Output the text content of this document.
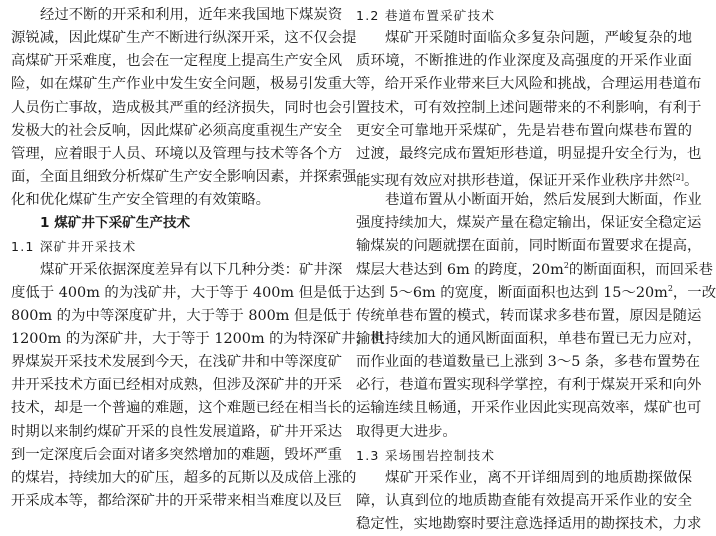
经过不断的开采和利用，近年来我国地下煤炭资
源锐减，因此煤矿生产不断进行纵深开采，这不仅会提
高煤矿开采难度，也会在一定程度上提高生产安全风
险，如在煤矿生产作业中发生安全问题，极易引发重大
人员伤亡事故，造成极其严重的经济损失，同时也会引
发极大的社会反响，因此煤矿必须高度重视生产安全
管理，应着眼于人员、环境以及管理与技术等各个方
面，全面且细致分析煤矿生产安全影响因素，并探索强
化和优化煤矿生产安全管理的有效策略。
1 煤矿井下采矿生产技术
1.1 深矿井开采技术
煤矿开采依据深度差异有以下几种分类：矿井深
度低于 400m 的为浅矿井，大于等于 400m 但是低于
800m 的为中等深度矿井，大于等于 800m 但是低于
1200m 的为深矿井，大于等于 1200m 的为特深矿井，世
界煤炭开采技术发展到今天，在浅矿井和中等深度矿
井开采技术方面已经相对成熟，但涉及深矿井的开采
技术，却是一个普遍的难题，这个难题已经在相当长的
时期以来制约煤矿开采的良性发展道路，矿井开采达
到一定深度后会面对诸多突然增加的难题，毁坏严重
的煤岩，持续加大的矿压，超多的瓦斯以及成倍上涨的
开采成本等，都给深矿井的开采带来相当难度以及巨
1.2 巷道布置采矿技术
煤矿开采随时面临众多复杂问题，严峻复杂的地
质环境，不断推进的作业深度及高强度的开采作业面
等，给开采作业带来巨大风险和挑战，合理运用巷道布
置技术，可有效控制上述问题带来的不利影响，有利于
更安全可靠地开采煤矿，先是岩巷布置向煤巷布置的
过渡，最终完成布置矩形巷道，明显提升安全行为，也
能实现有效应对拱形巷道，保证开采作业秩序井然[2]。
巷道布置从小断面开始，然后发展到大断面，作业
强度持续加大，煤炭产量在稳定输出，保证安全稳定运
输煤炭的问题就摆在面前，同时断面布置要求在提高，
煤层大巷达到 6m 的跨度，$20m^2$的断面面积，而回采巷
达到 5～6m 的宽度，断面面积也达到 $15\sim 20m^2$，一改
传统单巷布置的模式，转而谋求多巷布置，原因是随运
输机持续加大的通风断面面积，单巷布置已无力应对，
而作业面的巷道数量已上涨到 3～5 条，多巷布置势在
必行，巷道布置实现科学掌控，有利于煤炭开采和向外
运输连续且畅通，开采作业因此实现高效率，煤矿也可
取得更大进步。
1.3 采场围岩控制技术
煤矿开采作业，离不开详细周到的地质勘探做保
障，认真到位的地质勘查能有效提高开采作业的安全
稳定性，实地勘察时要注意选择适用的勘探技术，力求
